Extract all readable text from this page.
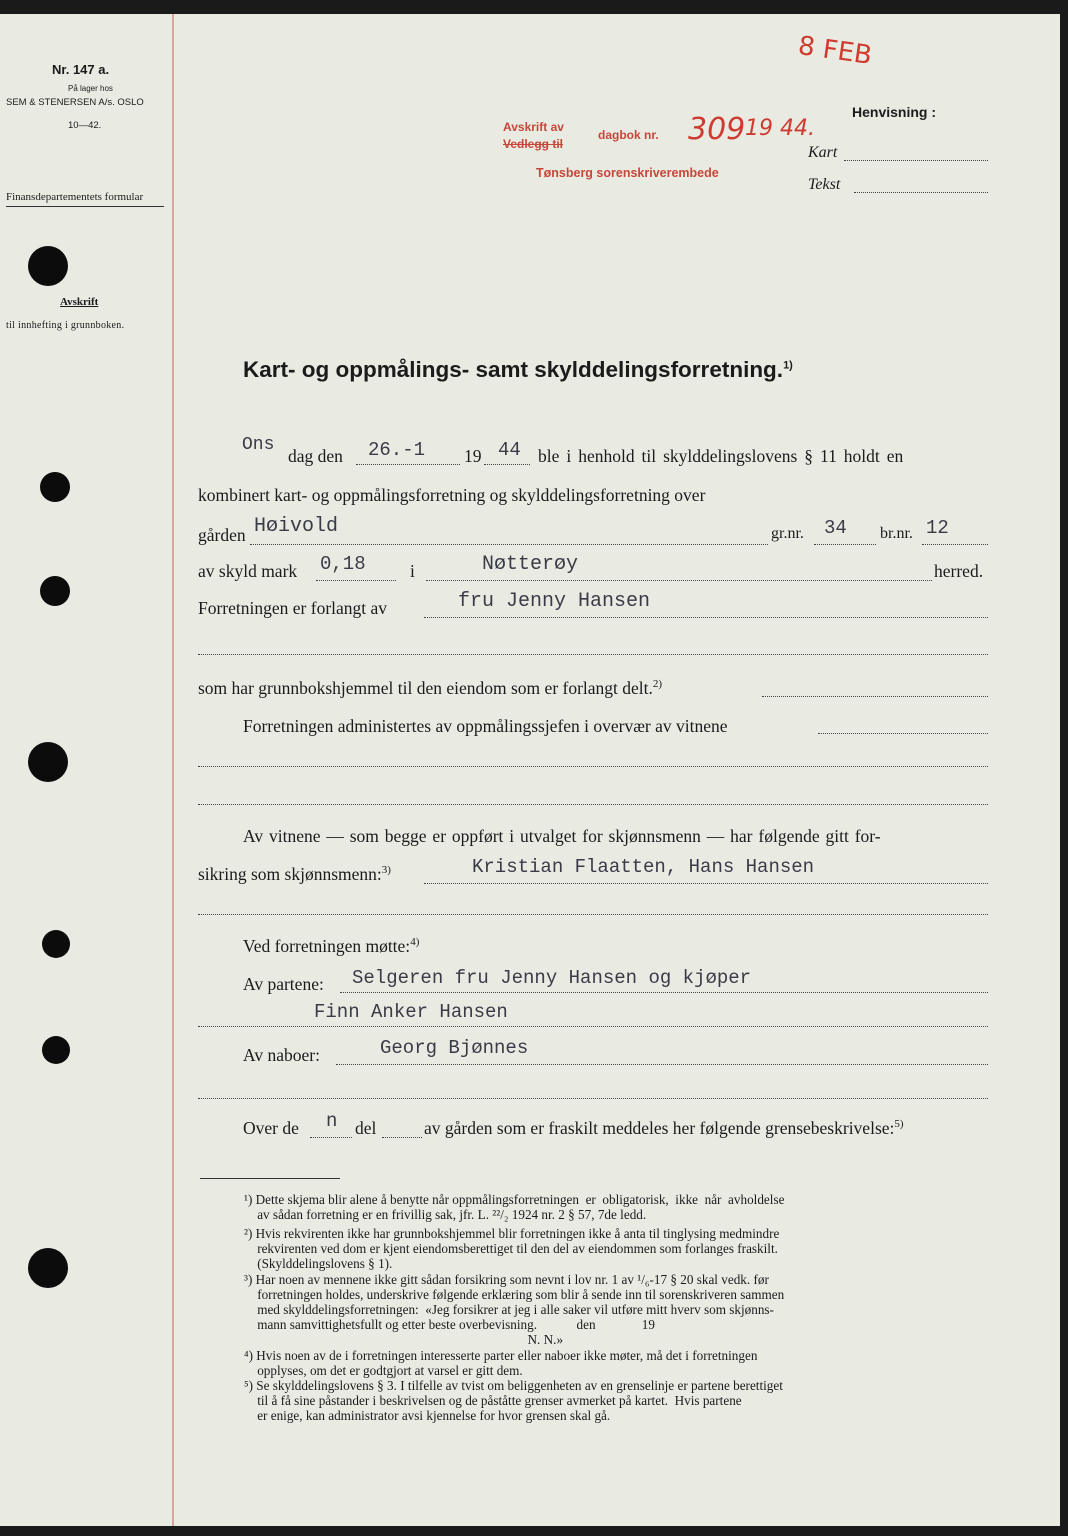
Nr. 147 a.
På lager hos
SEM & STENERSEN A/s. OSLO
10—42.
Finansdepartementets formular
Avskrift
til innhefting i grunnboken.
Avskrift av
Vedlegg til
dagbok nr. 309 19 44.
Tønsberg sorenskriverembede
8 FEB
Henvisning :
Kart
Tekst
Kart- og oppmålings- samt skylddelingsforretning.$^{1)}$
Ons
dag den 26.-1 19 44 ble i henhold til skylddelingslovens § 11 holdt en
kombinert kart- og oppmålingsforretning og skylddelingsforretning over
gården Høivold	gr.nr. 34 br.nr. 12
av skyld mark 0,18	i	Nøtterøy	herred.
Forretningen er forlangt av	fru Jenny Hansen
som har grunnbokshjemmel til den eiendom som er forlangt delt.$^{2)}$
Forretningen administertes av oppmålingssjefen i overvær av vitnene
Av vitnene — som begge er oppført i utvalget for skjønnsmenn — har følgende gitt for-
sikring som skjønnsmenn:$^{3)}$	Kristian Flaatten, Hans Hansen
Ved forretningen møtte:$^{4)}$
Av partene: Selgeren fru Jenny Hansen og kjøper
Finn Anker Hansen
Av naboer:	Georg Bjønnes
Over de n del	av gården som er fraskilt meddeles her følgende grensebeskrivelse:$^{5)}$
¹) Dette skjema blir alene å benytte når oppmålingsforretningen  er  obligatorisk,  ikke  når  avholdelse
av sådan forretning er en frivillig sak, jfr. L. ²²/₂ 1924 nr. 2 § 57, 7de ledd.
²) Hvis rekvirenten ikke har grunnbokshjemmel blir forretningen ikke å anta til tinglysing medmindre
rekvirenten ved dom er kjent eiendomsberettiget til den del av eiendommen som forlanges fraskilt.
(Skylddelingslovens § 1).
³) Har noen av mennene ikke gitt sådan forsikring som nevnt i lov nr. 1 av ¹/₆-17 § 20 skal vedk. før
forretningen holdes, underskrive følgende erklæring som blir å sende inn til sorenskriveren sammen
med skylddelingsforretningen:  «Jeg forsikrer at jeg i alle saker vil utføre mitt hverv som skjønns-
mann samvittighetsfullt og etter beste overbevisning.            den              19
N. N.»
⁴) Hvis noen av de i forretningen interesserte parter eller naboer ikke møter, må det i forretningen
opplyses, om det er godtgjort at varsel er gitt dem.
⁵) Se skylddelingslovens § 3. I tilfelle av tvist om beliggenheten av en grenselinje er partene berettiget
til å få sine påstander i beskrivelsen og de påståtte grenser avmerket på kartet.  Hvis partene
er enige, kan administrator avsi kjennelse for hvor grensen skal gå.
